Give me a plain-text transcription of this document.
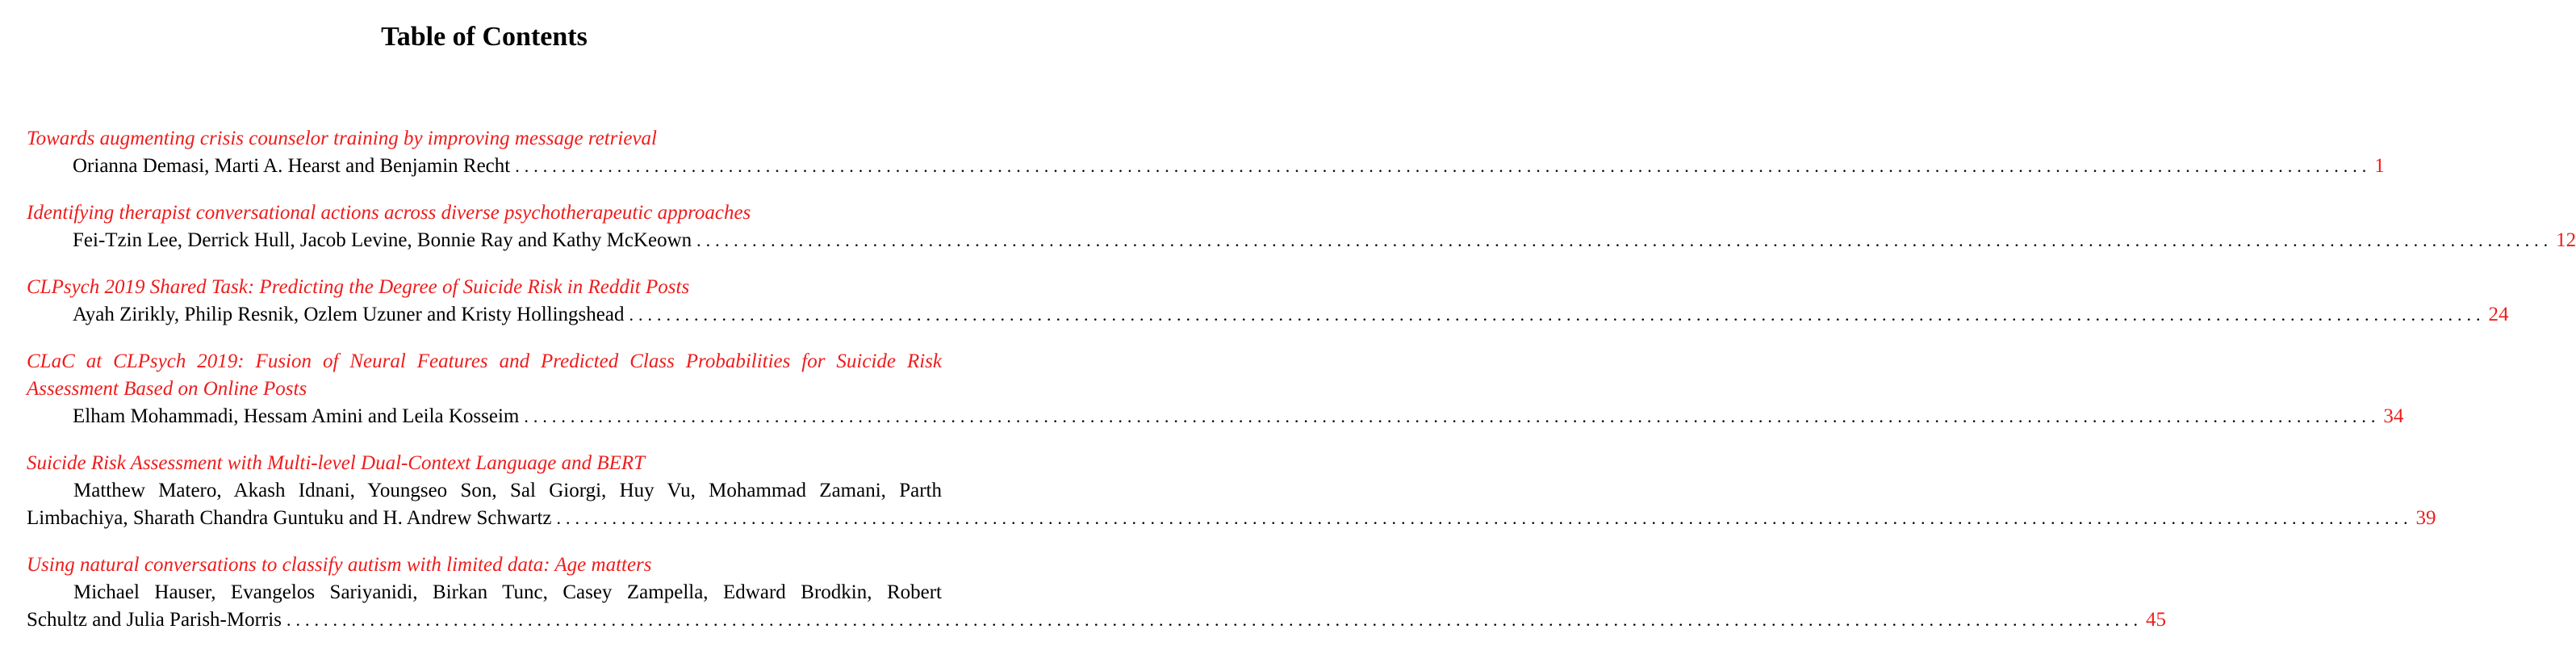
Table of Contents
Towards augmenting crisis counselor training by improving message retrieval
Orianna Demasi, Marti A. Hearst and Benjamin Recht ........................................................................................................................................................................................................ 1
Identifying therapist conversational actions across diverse psychotherapeutic approaches
Fei-Tzin Lee, Derrick Hull, Jacob Levine, Bonnie Ray and Kathy McKeown ........................................................................................................................................................................................................ 12
CLPsych 2019 Shared Task: Predicting the Degree of Suicide Risk in Reddit Posts
Ayah Zirikly, Philip Resnik, Ozlem Uzuner and Kristy Hollingshead ........................................................................................................................................................................................................ 24
CLaC at CLPsych 2019: Fusion of Neural Features and Predicted Class Probabilities for Suicide Risk
Assessment Based on Online Posts
Elham Mohammadi, Hessam Amini and Leila Kosseim ........................................................................................................................................................................................................ 34
Suicide Risk Assessment with Multi-level Dual-Context Language and BERT
Matthew Matero, Akash Idnani, Youngseo Son, Sal Giorgi, Huy Vu, Mohammad Zamani, Parth
Limbachiya, Sharath Chandra Guntuku and H. Andrew Schwartz ........................................................................................................................................................................................................ 39
Using natural conversations to classify autism with limited data: Age matters
Michael Hauser, Evangelos Sariyanidi, Birkan Tunc, Casey Zampella, Edward Brodkin, Robert
Schultz and Julia Parish-Morris ........................................................................................................................................................................................................ 45
